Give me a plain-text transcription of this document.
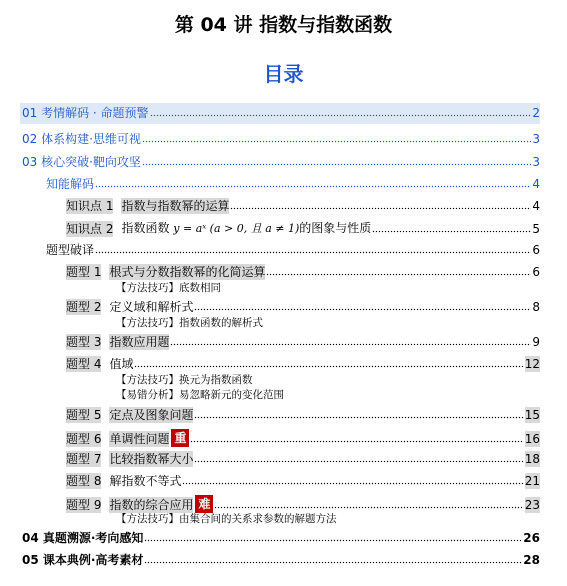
第 04 讲 指数与指数函数
目录
01 考情解码 · 命题预警	2
02 体系构建·思维可视	3
03 核心突破·靶向攻坚	3
知能解码	4
知识点 1 指数与指数幂的运算	4
知识点 2 指数函数 y = aˣ (a > 0, 且 a ≠ 1)的图象与性质	5
题型破译	6
题型 1 根式与分数指数幂的化简运算	6
【方法技巧】底数相同
题型 2 定义域和解析式	8
【方法技巧】指数函数的解析式
题型 3 指数应用题	9
题型 4 值域	12
【方法技巧】换元为指数函数
【易错分析】易忽略新元的变化范围
题型 5 定点及图象问题	15
题型 6 单调性问题 重	16
题型 7 比较指数幂大小	18
题型 8 解指数不等式	21
题型 9 指数的综合应用 难	23
【方法技巧】由集合间的关系求参数的解题方法
04 真题溯源·考向感知	26
05 课本典例·高考素材	28
